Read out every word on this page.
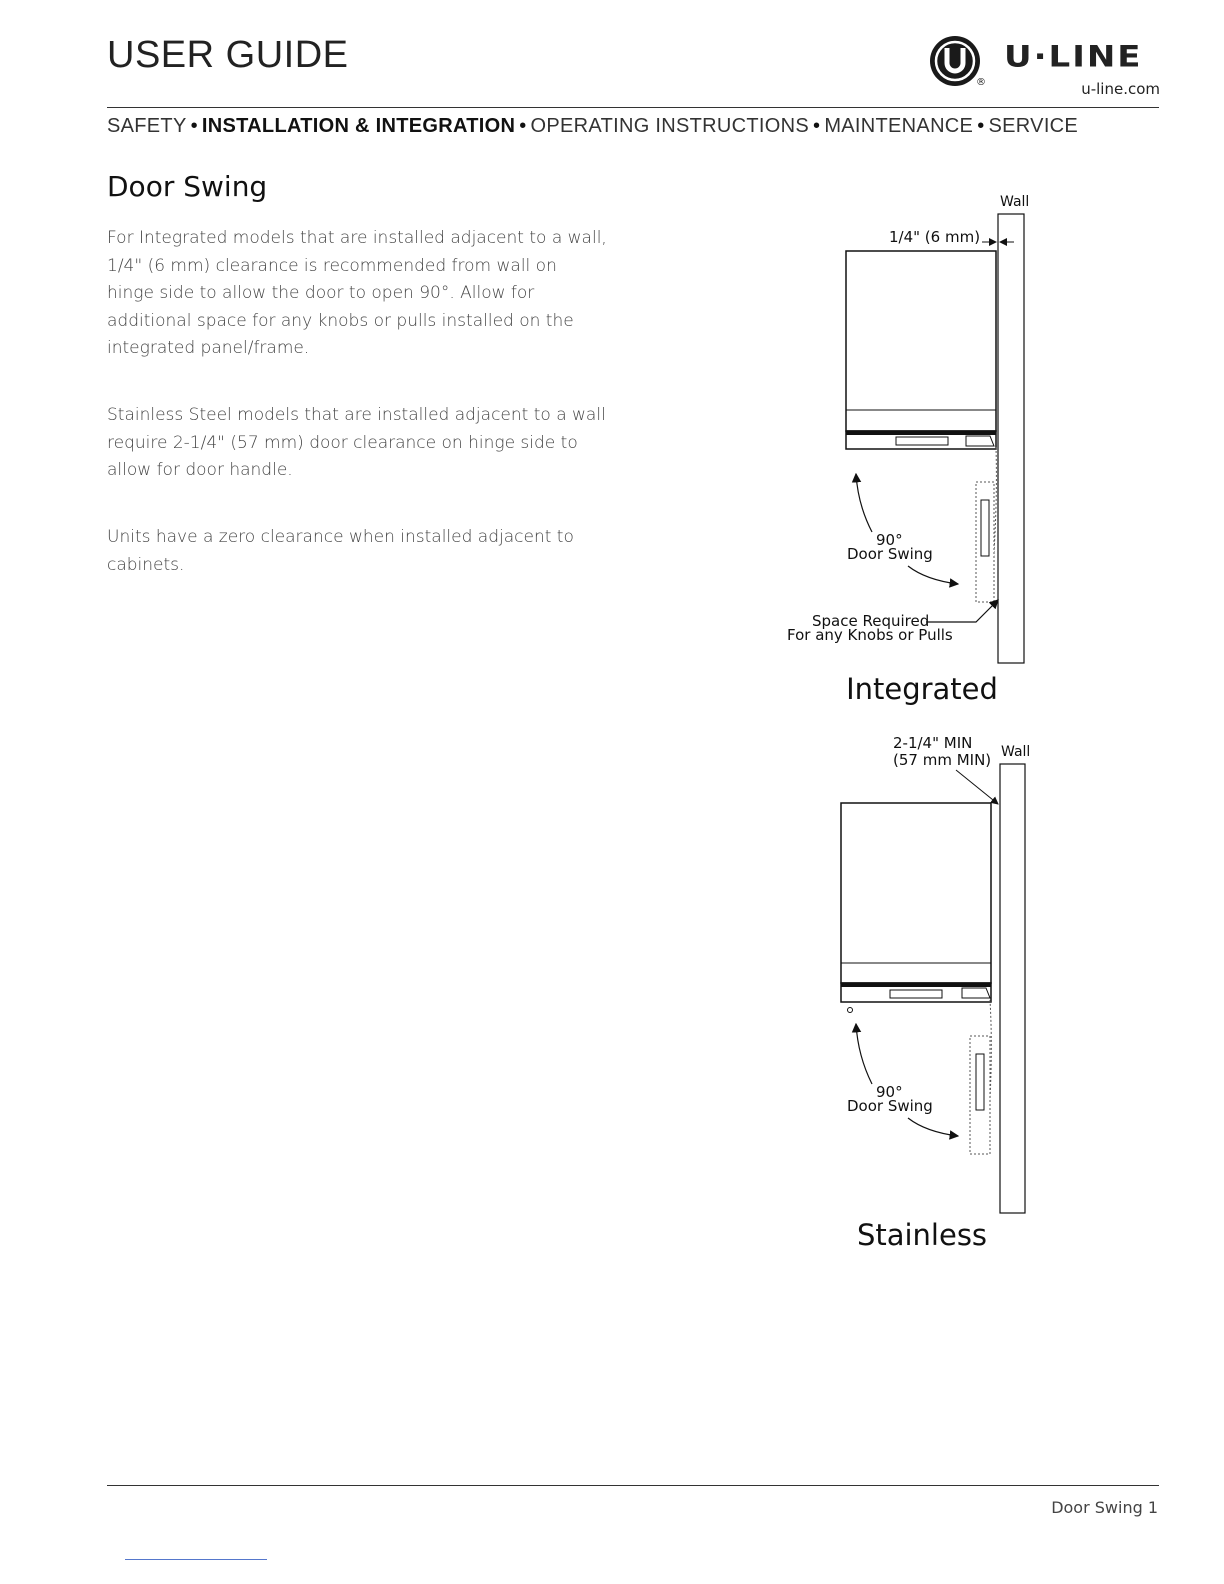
USER GUIDE
®
U·LINE
u-line.com
SAFETY • INSTALLATION & INTEGRATION • OPERATING INSTRUCTIONS • MAINTENANCE • SERVICE
Door Swing

For Integrated models that are installed adjacent to a wall, 1/4" (6 mm) clearance is recommended from wall on hinge side to allow the door to open 90°. Allow for additional space for any knobs or pulls installed on the integrated panel/frame.

Stainless Steel models that are installed adjacent to a wall require 2-1/4" (57 mm) door clearance on hinge side to allow for door handle.

Units have a zero clearance when installed adjacent to cabinets.

Wall
1/4" (6 mm)
90°
Door Swing
Space Required
For any Knobs or Pulls
Integrated
Wall
2-1/4" MIN
(57 mm MIN)
90°
Door Swing
Stainless
Door Swing 1
